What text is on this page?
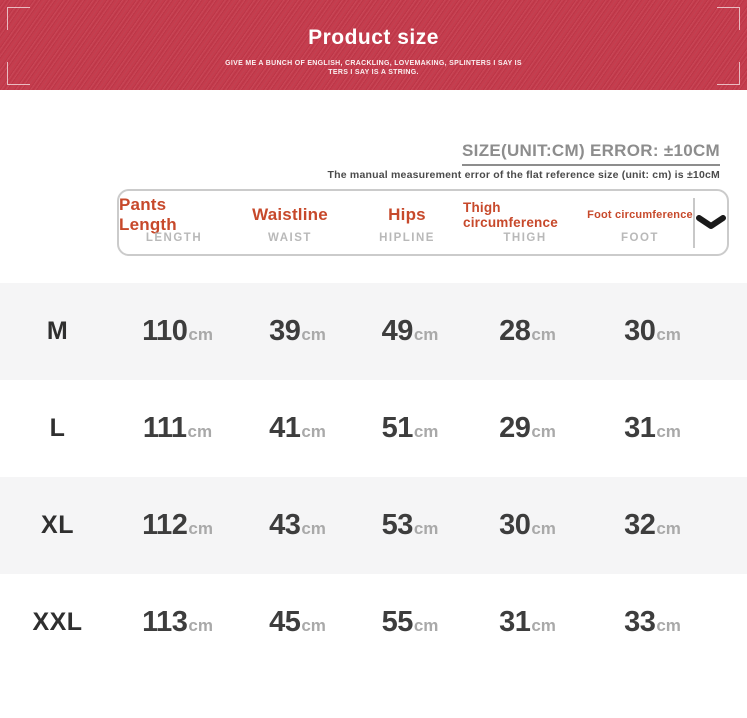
Product size
GIVE ME A BUNCH OF ENGLISH, CRACKLING, LOVEMAKING, SPLINTERS I SAY IS
TERS I SAY IS A STRING.
SIZE(UNIT:CM) ERROR: ±10CM
The manual measurement error of the flat reference size (unit: cm) is ±10cM
Pants Length
LENGTH
Waistline
WAIST
Hips
HIPLINE
Thigh circumference
THIGH
Foot circumference
FOOT
M	110 cm 39 cm 49 cm 28 cm 30 cm
L	111 cm 41 cm 51 cm 29 cm 31 cm
XL 112 cm 43 cm 53 cm 30 cm 32 cm
XXL 113 cm 45 cm 55 cm 31 cm 33 cm
